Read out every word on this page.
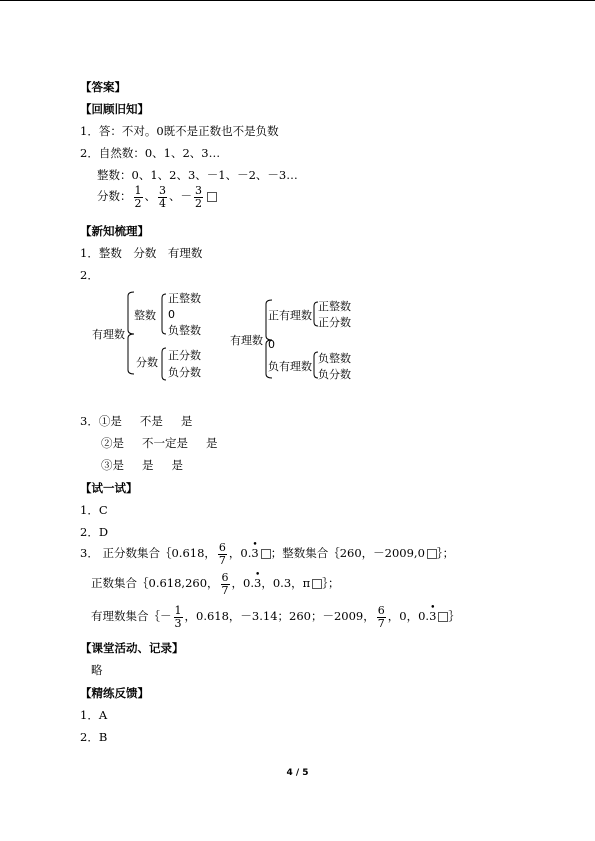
【答案】
【回顾旧知】
1．答：不对。0既不是正数也不是负数
2．自然数：0、1、2、3…
整数：0、1、2、3、－1、－2、－3…
分数： $\frac{1}{2}$ 、 $\frac{3}{4}$ 、－ $\frac{3}{2}$
【新知梳理】
1．整数　分数　有理数
2．
有理数
整数
正整数
0
负整数
分数
正分数
负分数
有理数
正有理数
正整数
正分数
0
负有理数
负整数
负分数
3．①是 不是 是
②是 不一定是 是
③是 是 是
【试一试】
1．C
2．D
3． 正分数集合｛0.618， $\frac{6}{7}$ ，0.• 3 ；整数集合｛260，－2009,0 ｝；
正数集合｛0.618,260， $\frac{6}{7}$ ，0.• 3，0.3，π ｝；
有理数集合｛－ $\frac{1}{3}$ ，0.618，－3.14；260；－2009， $\frac{6}{7}$ ，0，0.• 3 ｝
【课堂活动、记录】
略
【精练反馈】
1．A
2．B
4 / 5
